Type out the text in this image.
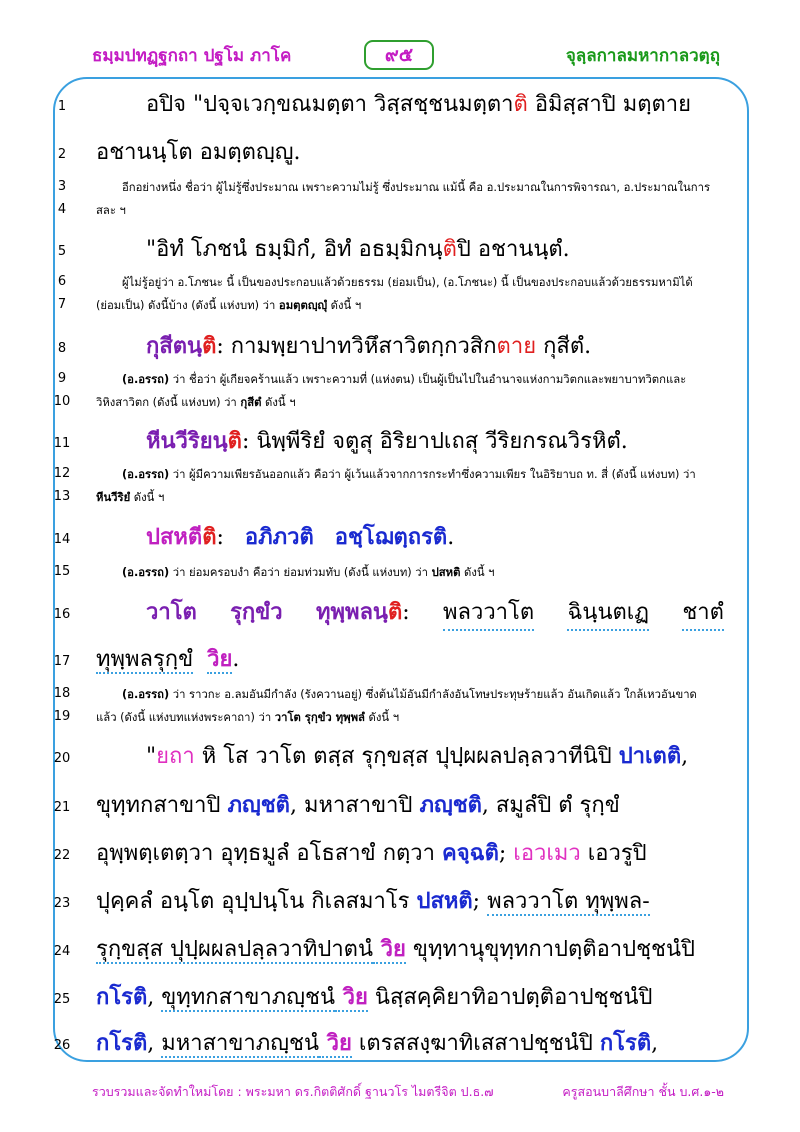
ธมฺมปทฏฺฐกถา ปฐโม ภาโค	๙๕	จุลฺลกาลมหากาลวตฺถุ
1	อปิจ "ปจฺจเวกฺขณมตฺตา วิสฺสชฺชนมตฺตาติ อิมิสฺสาปิ มตฺตาย
2	อชานนฺโต อมตฺตญฺญู.
3	อีกอย่างหนึ่ง ชื่อว่า ผู้ไม่รู้ซึ่งประมาณ เพราะความไม่รู้ ซึ่งประมาณ แม้นี้ คือ อ.ประมาณในการพิจารณา, อ.ประมาณในการ
4	สละ ฯ
5	"อิทํ โภชนํ ธมฺมิกํ, อิทํ อธมฺมิกนฺติปิ อชานนฺตํ.
6	ผู้ไม่รู้อยู่ว่า อ.โภชนะ นี้ เป็นของประกอบแล้วด้วยธรรม (ย่อมเป็น), (อ.โภชนะ) นี้ เป็นของประกอบแล้วด้วยธรรมหามิได้
7	(ย่อมเป็น) ดังนี้บ้าง (ดังนี้ แห่งบท) ว่า อมตฺตญฺญุํ ดังนี้ ฯ
8	กุสีตนฺติ: กามพฺยาปาทวิหึสาวิตกฺกวสิกตาย กุสีตํ.
9	(อ.อรรถ) ว่า ชื่อว่า ผู้เกียจคร้านแล้ว เพราะความที่ (แห่งตน) เป็นผู้เป็นไปในอำนาจแห่งกามวิตกและพยาบาทวิตกและ
10	วิหิงสาวิตก (ดังนี้ แห่งบท) ว่า กุสีตํ ดังนี้ ฯ
11	หีนวีริยนฺติ: นิพฺพีริยํ จตูสุ อิริยาปเถสุ วีริยกรณวิรหิตํ.
12	(อ.อรรถ) ว่า ผู้มีความเพียรอันออกแล้ว คือว่า ผู้เว้นแล้วจากการกระทำซึ่งความเพียร ในอิริยาบถ ท. สี่ (ดังนี้ แห่งบท) ว่า
13	หีนวีริยํ ดังนี้ ฯ
14	ปสหตีติ: อภิภวติ อชฺโฌตฺถรติ.
15	(อ.อรรถ) ว่า ย่อมครอบงำ คือว่า ย่อมท่วมทับ (ดังนี้ แห่งบท) ว่า ปสหติ ดังนี้ ฯ
16	วาโต รุกฺขํว ทุพฺพลนฺติ: พลววาโต ฉินฺนตเฏ ชาตํ
17 ทุพฺพลรุกฺขํ วิย.
18	(อ.อรรถ) ว่า ราวกะ อ.ลมอันมีกำลัง (รังควานอยู่) ซึ่งต้นไม้อันมีกำลังอันโทษประทุษร้ายแล้ว อันเกิดแล้ว ใกล้เหวอันขาด
19	แล้ว (ดังนี้ แห่งบทแห่งพระคาถา) ว่า วาโต รุกฺขํว ทุพฺพลํ ดังนี้ ฯ
20	"ยถา หิ โส วาโต ตสฺส รุกฺขสฺส ปุปฺผผลปลฺลวาทีนิปิ ปาเตติ,
21 ขุทฺทกสาขาปิ ภญฺชติ, มหาสาขาปิ ภญฺชติ, สมูลํปิ ตํ รุกฺขํ
22 อุพฺพตฺเตตฺวา อุทฺธมูลํ อโธสาขํ กตฺวา คจฺฉติ; เอวเมว เอวรูปิ
23 ปุคฺคลํ อนฺโต อุปฺปนฺโน กิเลสมาโร ปสหติ; พลววาโต ทุพฺพล-
24 รุกฺขสฺส ปุปฺผผลปลฺลวาทิปาตนํ วิย ขุทฺทานุขุทฺทกาปตฺติอาปชฺชนํปิ
25 กโรติ, ขุทฺทกสาขาภญฺชนํ วิย นิสฺสคฺคิยาทิอาปตฺติอาปชฺชนํปิ
26 กโรติ, มหาสาขาภญฺชนํ วิย เตรสสงฺฆาทิเสสาปชฺชนํปิ กโรติ,
รวบรวมและจัดทำใหม่โดย : พระมหา ดร.กิตติศักดิ์ ฐานวโร ไมตรีจิต ป.ธ.๗	ครูสอนบาลีศึกษา ชั้น บ.ศ.๑-๒
